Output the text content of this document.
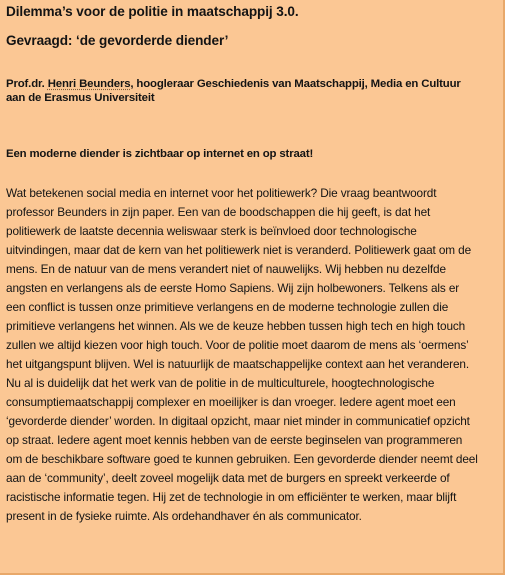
Dilemma’s voor de politie in maatschappij 3.0.
Gevraagd: ‘de gevorderde diender’
Prof.dr. Henri Beunders, hoogleraar Geschiedenis van Maatschappij, Media en Cultuur
aan de Erasmus Universiteit
Een moderne diender is zichtbaar op internet en op straat!
Wat betekenen social media en internet voor het politiewerk? Die vraag beantwoordt
professor Beunders in zijn paper. Een van de boodschappen die hij geeft, is dat het
politiewerk de laatste decennia weliswaar sterk is beïnvloed door technologische
uitvindingen, maar dat de kern van het politiewerk niet is veranderd. Politiewerk gaat om de
mens. En de natuur van de mens verandert niet of nauwelijks. Wij hebben nu dezelfde
angsten en verlangens als de eerste Homo Sapiens. Wij zijn holbewoners. Telkens als er
een conflict is tussen onze primitieve verlangens en de moderne technologie zullen die
primitieve verlangens het winnen. Als we de keuze hebben tussen high tech en high touch
zullen we altijd kiezen voor high touch. Voor de politie moet daarom de mens als ‘oermens’
het uitgangspunt blijven. Wel is natuurlijk de maatschappelijke context aan het veranderen.
Nu al is duidelijk dat het werk van de politie in de multiculturele, hoogtechnologische
consumptiemaatschappij complexer en moeilijker is dan vroeger. Iedere agent moet een
‘gevorderde diender’ worden. In digitaal opzicht, maar niet minder in communicatief opzicht
op straat. Iedere agent moet kennis hebben van de eerste beginselen van programmeren
om de beschikbare software goed te kunnen gebruiken. Een gevorderde diender neemt deel
aan de ‘community’, deelt zoveel mogelijk data met de burgers en spreekt verkeerde of
racistische informatie tegen. Hij zet de technologie in om efficiënter te werken, maar blijft
present in de fysieke ruimte. Als ordehandhaver én als communicator.
